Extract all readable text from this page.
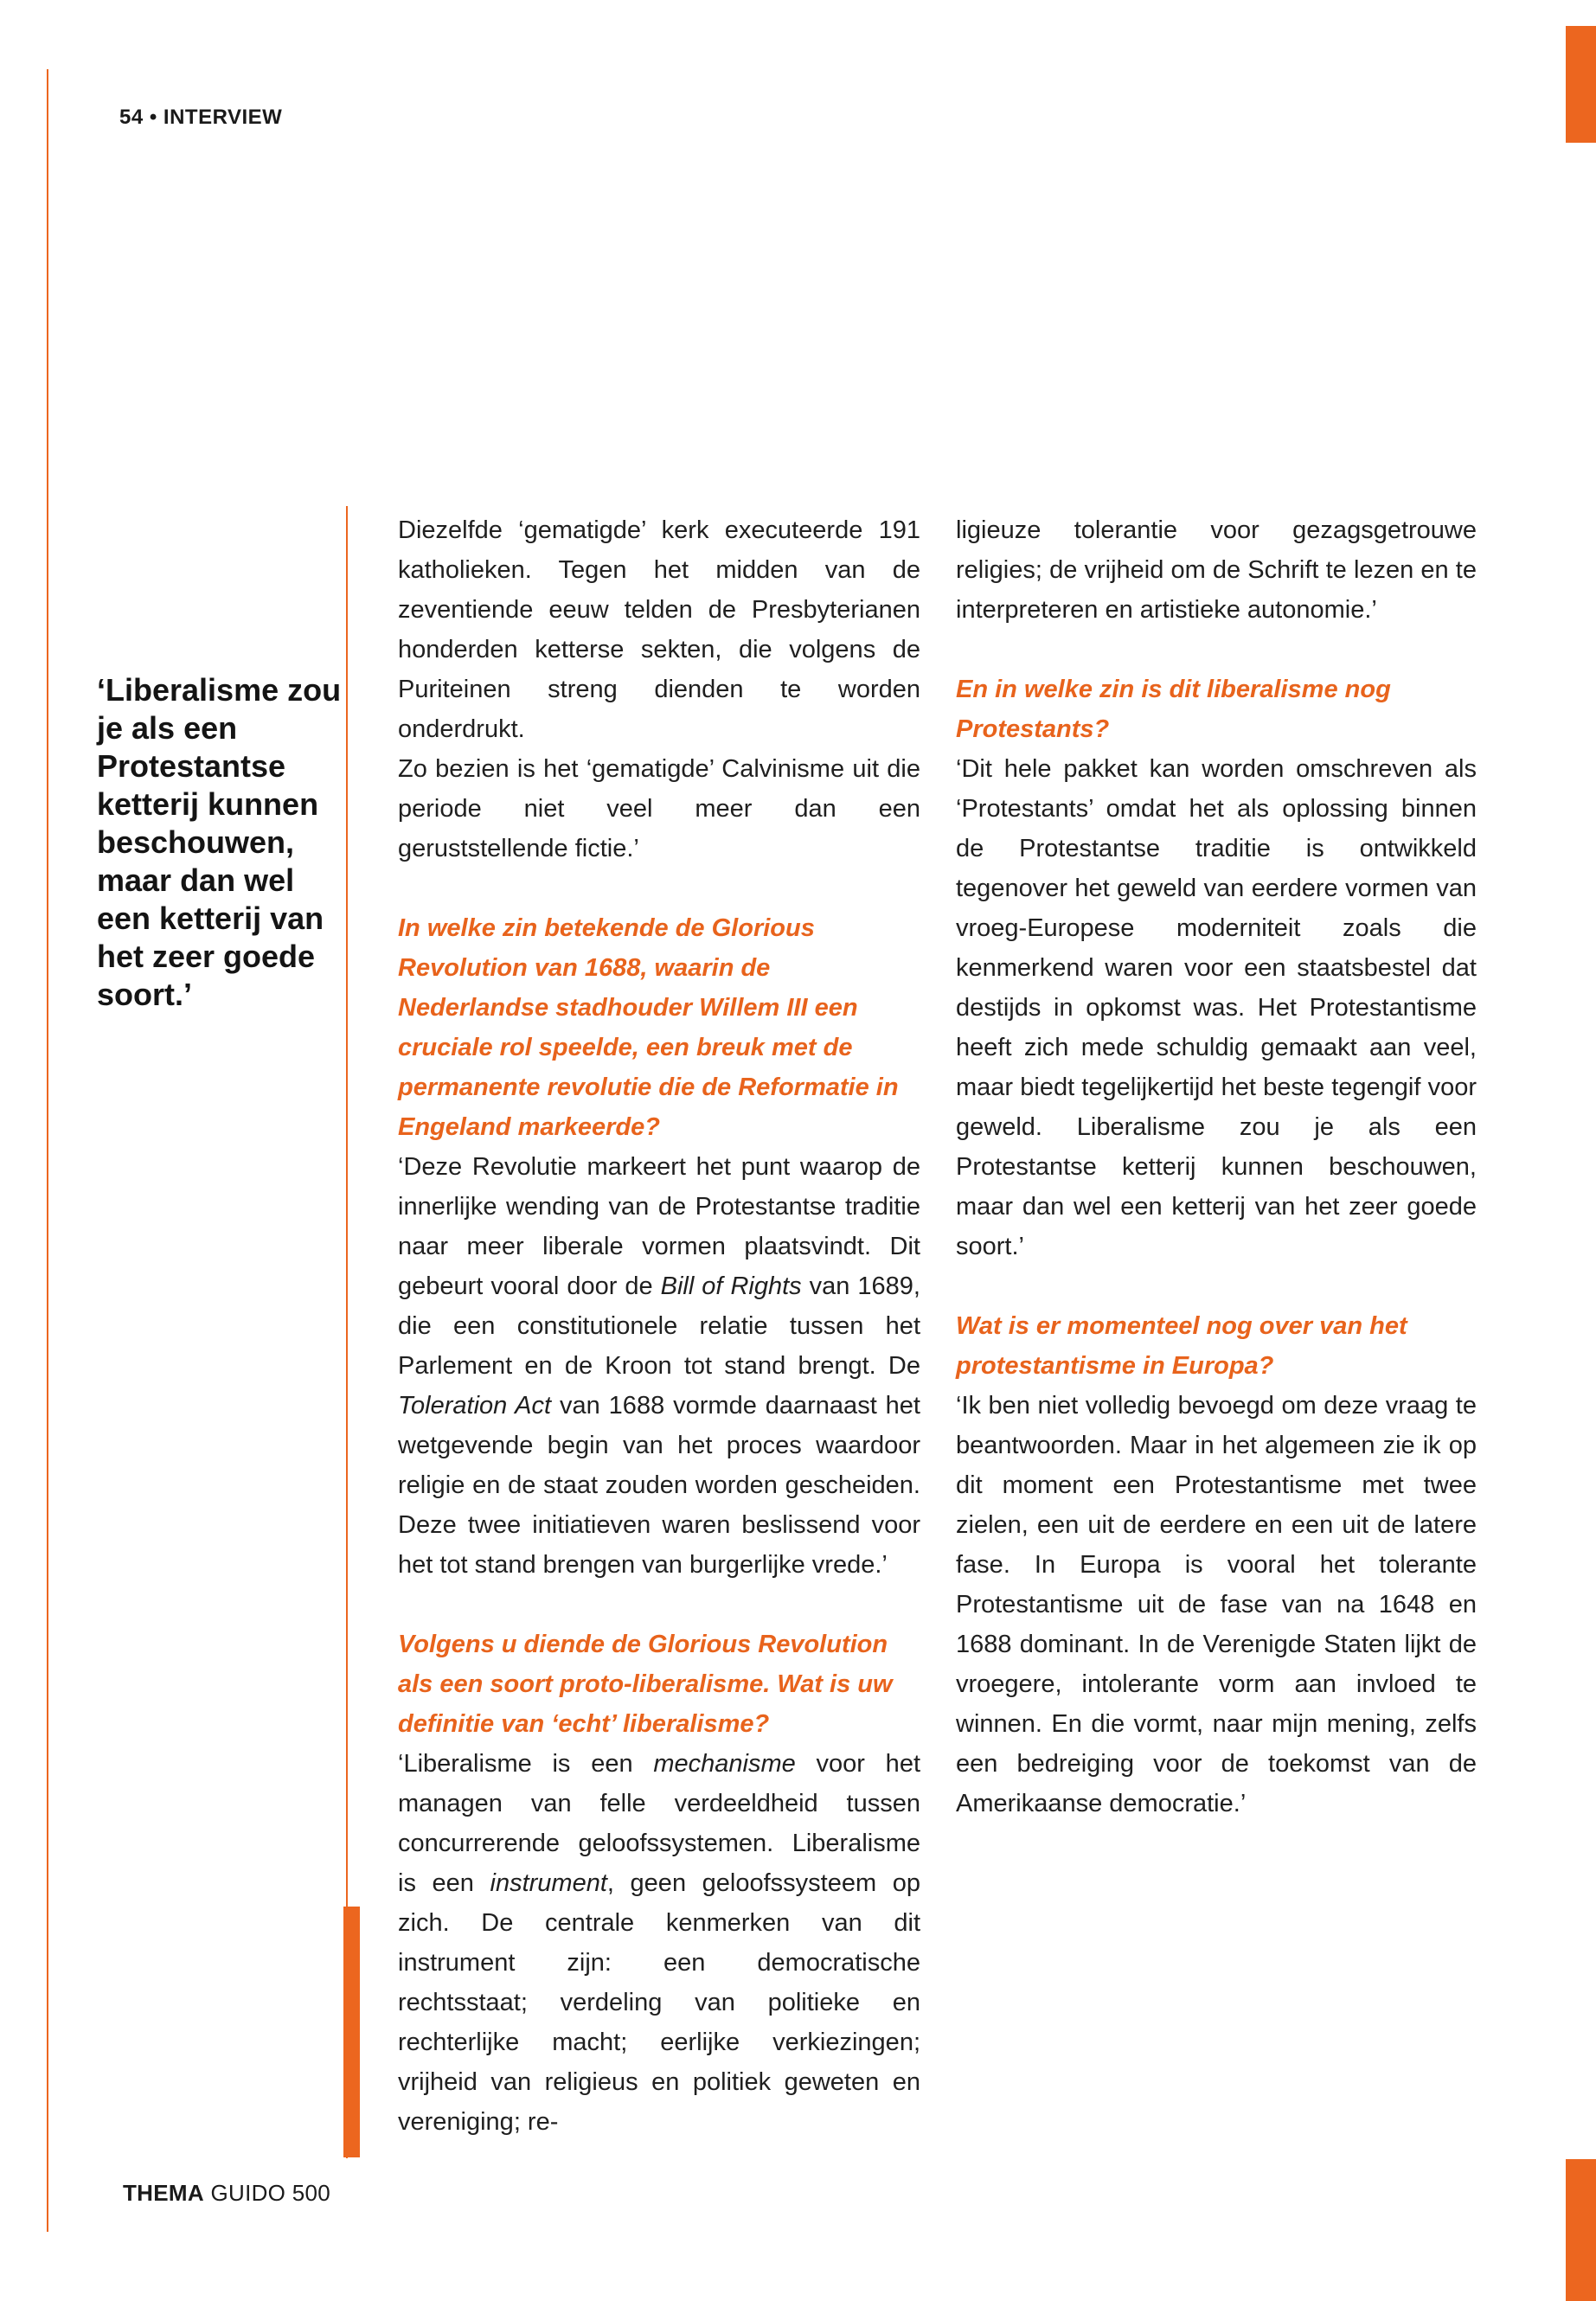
54 • INTERVIEW
‘Liberalisme zou je als een Protestantse ketterij kunnen beschouwen, maar dan wel een ketterij van het zeer goede soort.’

Diezelfde ‘gematigde’ kerk executeerde 191 katholieken. Tegen het midden van de zeventiende eeuw telden de Presbyterianen honderden ketterse sekten, die volgens de Puriteinen streng dienden te worden onderdrukt.

Zo bezien is het ‘gematigde’ Calvinisme uit die periode niet veel meer dan een geruststellende fictie.’

In welke zin betekende de Glorious Revolution van 1688, waarin de Nederlandse stadhouder Willem III een cruciale rol speelde, een breuk met de permanente revolutie die de Reformatie in Engeland markeerde?

‘Deze Revolutie markeert het punt waarop de innerlijke wending van de Protestantse traditie naar meer liberale vormen plaatsvindt. Dit gebeurt vooral door de Bill of Rights van 1689, die een constitutionele relatie tussen het Parlement en de Kroon tot stand brengt. De Toleration Act van 1688 vormde daarnaast het wetgevende begin van het proces waardoor religie en de staat zouden worden gescheiden. Deze twee initiatieven waren beslissend voor het tot stand brengen van burgerlijke vrede.’

Volgens u diende de Glorious Revolution als een soort proto-liberalisme. Wat is uw definitie van ‘echt’ liberalisme?

‘Liberalisme is een mechanisme voor het managen van felle verdeeldheid tussen concurrerende geloofssystemen. Liberalisme is een instrument, geen geloofssysteem op zich. De centrale kenmerken van dit instrument zijn: een democratische rechtsstaat; verdeling van politieke en rechterlijke macht; eerlijke verkiezingen; vrijheid van religieus en politiek geweten en vereniging; re-

ligieuze tolerantie voor gezagsgetrouwe religies; de vrijheid om de Schrift te lezen en te interpreteren en artistieke autonomie.’

En in welke zin is dit liberalisme nog Protestants?

‘Dit hele pakket kan worden omschreven als ‘Protestants’ omdat het als oplossing binnen de Protestantse traditie is ontwikkeld tegenover het geweld van eerdere vormen van vroeg-Europese moderniteit zoals die kenmerkend waren voor een staatsbestel dat destijds in opkomst was. Het Protestantisme heeft zich mede schuldig gemaakt aan veel, maar biedt tegelijkertijd het beste tegengif voor geweld. Liberalisme zou je als een Protestantse ketterij kunnen beschouwen, maar dan wel een ketterij van het zeer goede soort.’

Wat is er momenteel nog over van het protestantisme in Europa?

‘Ik ben niet volledig bevoegd om deze vraag te beantwoorden. Maar in het algemeen zie ik op dit moment een Protestantisme met twee zielen, een uit de eerdere en een uit de latere fase. In Europa is vooral het tolerante Protestantisme uit de fase van na 1648 en 1688 dominant. In de Verenigde Staten lijkt de vroegere, intolerante vorm aan invloed te winnen. En die vormt, naar mijn mening, zelfs een bedreiging voor de toekomst van de Amerikaanse democratie.’

THEMA GUIDO 500
